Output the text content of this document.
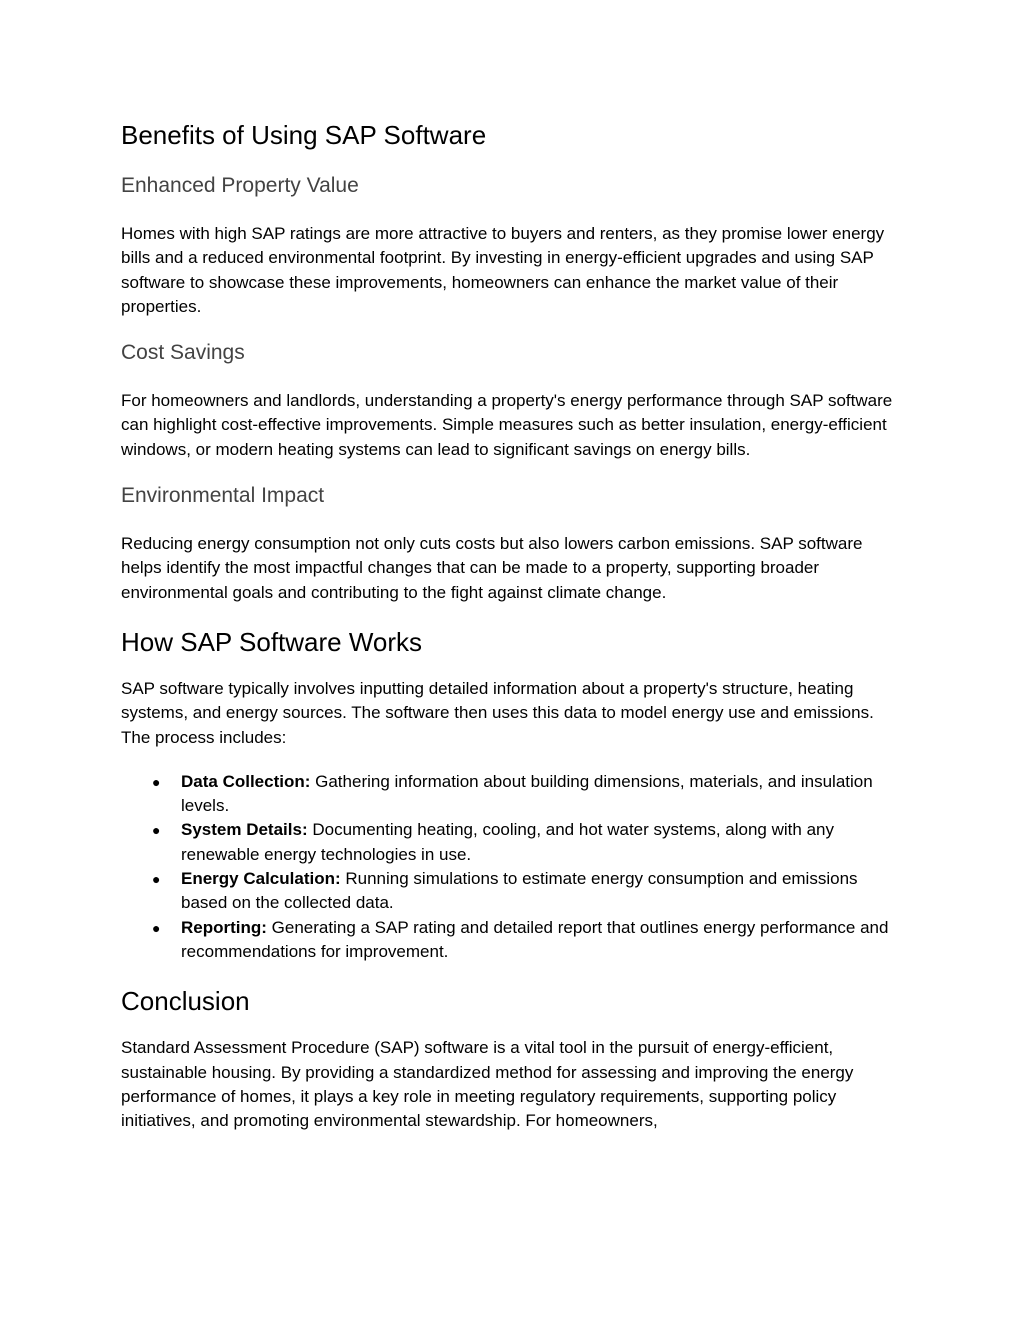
Benefits of Using SAP Software
Enhanced Property Value

Homes with high SAP ratings are more attractive to buyers and renters, as they promise lower energy bills and a reduced environmental footprint. By investing in energy-efficient upgrades and using SAP software to showcase these improvements, homeowners can enhance the market value of their properties.

Cost Savings

For homeowners and landlords, understanding a property's energy performance through SAP software can highlight cost-effective improvements. Simple measures such as better insulation, energy-efficient windows, or modern heating systems can lead to significant savings on energy bills.

Environmental Impact

Reducing energy consumption not only cuts costs but also lowers carbon emissions. SAP software helps identify the most impactful changes that can be made to a property, supporting broader environmental goals and contributing to the fight against climate change.

How SAP Software Works

SAP software typically involves inputting detailed information about a property's structure, heating systems, and energy sources. The software then uses this data to model energy use and emissions. The process includes:

● Data Collection: Gathering information about building dimensions, materials, and insulation levels.
● System Details: Documenting heating, cooling, and hot water systems, along with any renewable energy technologies in use.
● Energy Calculation: Running simulations to estimate energy consumption and emissions based on the collected data.
● Reporting: Generating a SAP rating and detailed report that outlines energy performance and recommendations for improvement.
Conclusion

Standard Assessment Procedure (SAP) software is a vital tool in the pursuit of energy-efficient, sustainable housing. By providing a standardized method for assessing and improving the energy performance of homes, it plays a key role in meeting regulatory requirements, supporting policy initiatives, and promoting environmental stewardship. For homeowners,
